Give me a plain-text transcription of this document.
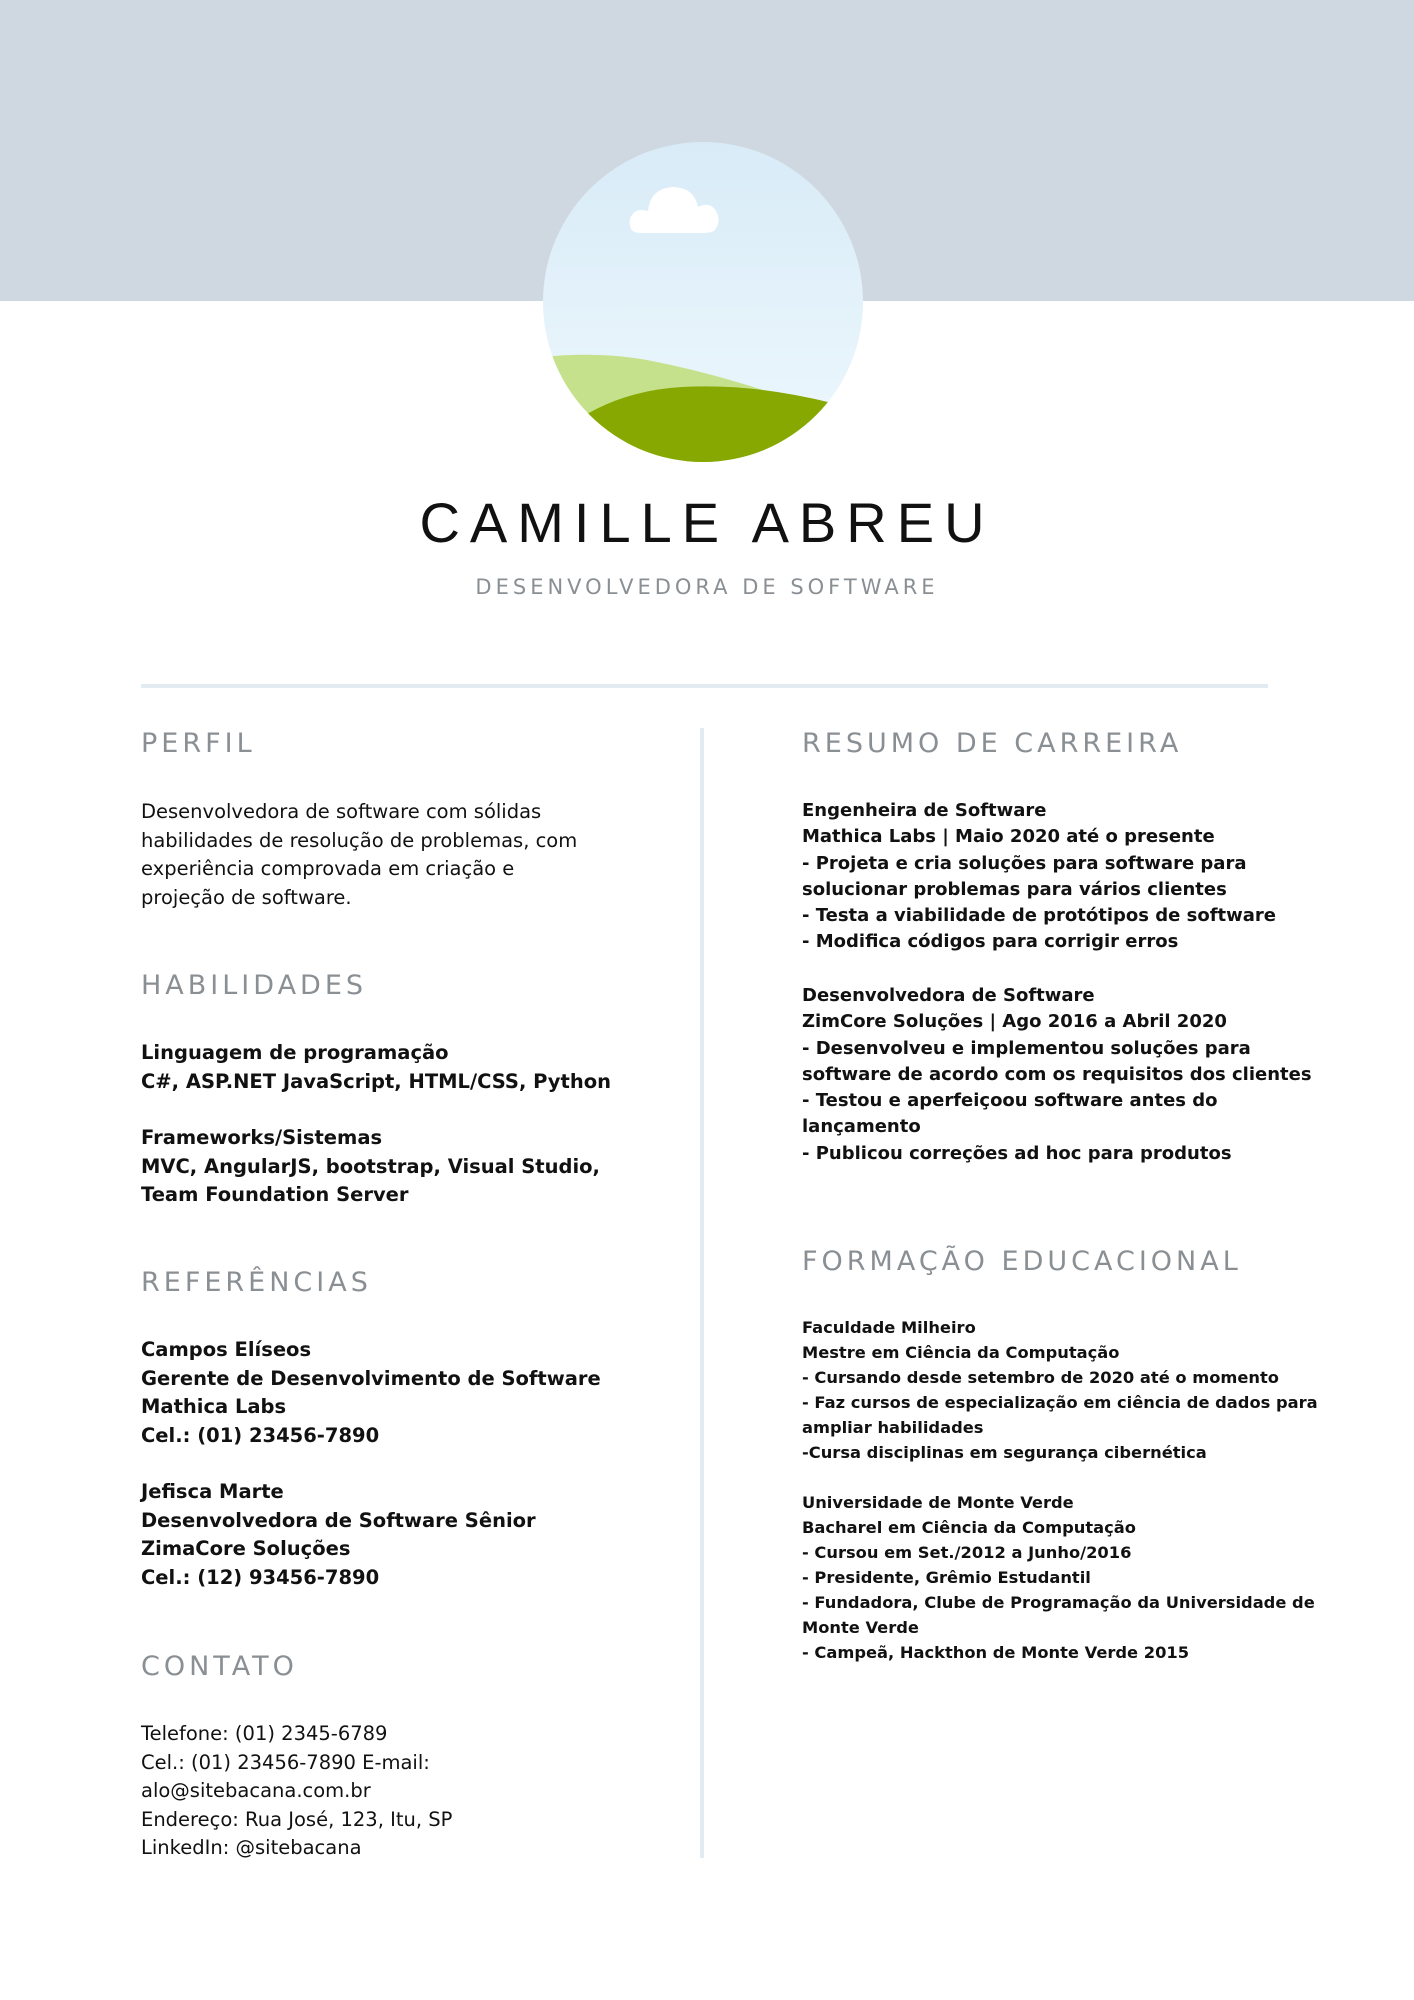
CAMILLE ABREU
DESENVOLVEDORA DE SOFTWARE
PERFIL
Desenvolvedora de software com sólidas
habilidades de resolução de problemas, com
experiência comprovada em criação e
projeção de software.
HABILIDADES
Linguagem de programação
C#, ASP.NET JavaScript, HTML/CSS, Python
Frameworks/Sistemas
MVC, AngularJS, bootstrap, Visual Studio,
Team Foundation Server
REFERÊNCIAS
Campos Elíseos
Gerente de Desenvolvimento de Software
Mathica Labs
Cel.: (01) 23456-7890
Jefisca Marte
Desenvolvedora de Software Sênior
ZimaCore Soluções
Cel.: (12) 93456-7890
CONTATO
Telefone: (01) 2345-6789
Cel.: (01) 23456-7890 E-mail:
alo@sitebacana.com.br
Endereço: Rua José, 123, Itu, SP
LinkedIn: @sitebacana
RESUMO DE CARREIRA
Engenheira de Software
Mathica Labs | Maio 2020 até o presente
- Projeta e cria soluções para software para
solucionar problemas para vários clientes
- Testa a viabilidade de protótipos de software
- Modifica códigos para corrigir erros
Desenvolvedora de Software
ZimCore Soluções | Ago 2016 a Abril 2020
- Desenvolveu e implementou soluções para
software de acordo com os requisitos dos clientes
- Testou e aperfeiçoou software antes do
lançamento
- Publicou correções ad hoc para produtos
FORMAÇÃO EDUCACIONAL
Faculdade Milheiro
Mestre em Ciência da Computação
- Cursando desde setembro de 2020 até o momento
- Faz cursos de especialização em ciência de dados para
ampliar habilidades
-Cursa disciplinas em segurança cibernética
Universidade de Monte Verde
Bacharel em Ciência da Computação
- Cursou em Set./2012 a Junho/2016
- Presidente, Grêmio Estudantil
- Fundadora, Clube de Programação da Universidade de
Monte Verde
- Campeã, Hackthon de Monte Verde 2015
